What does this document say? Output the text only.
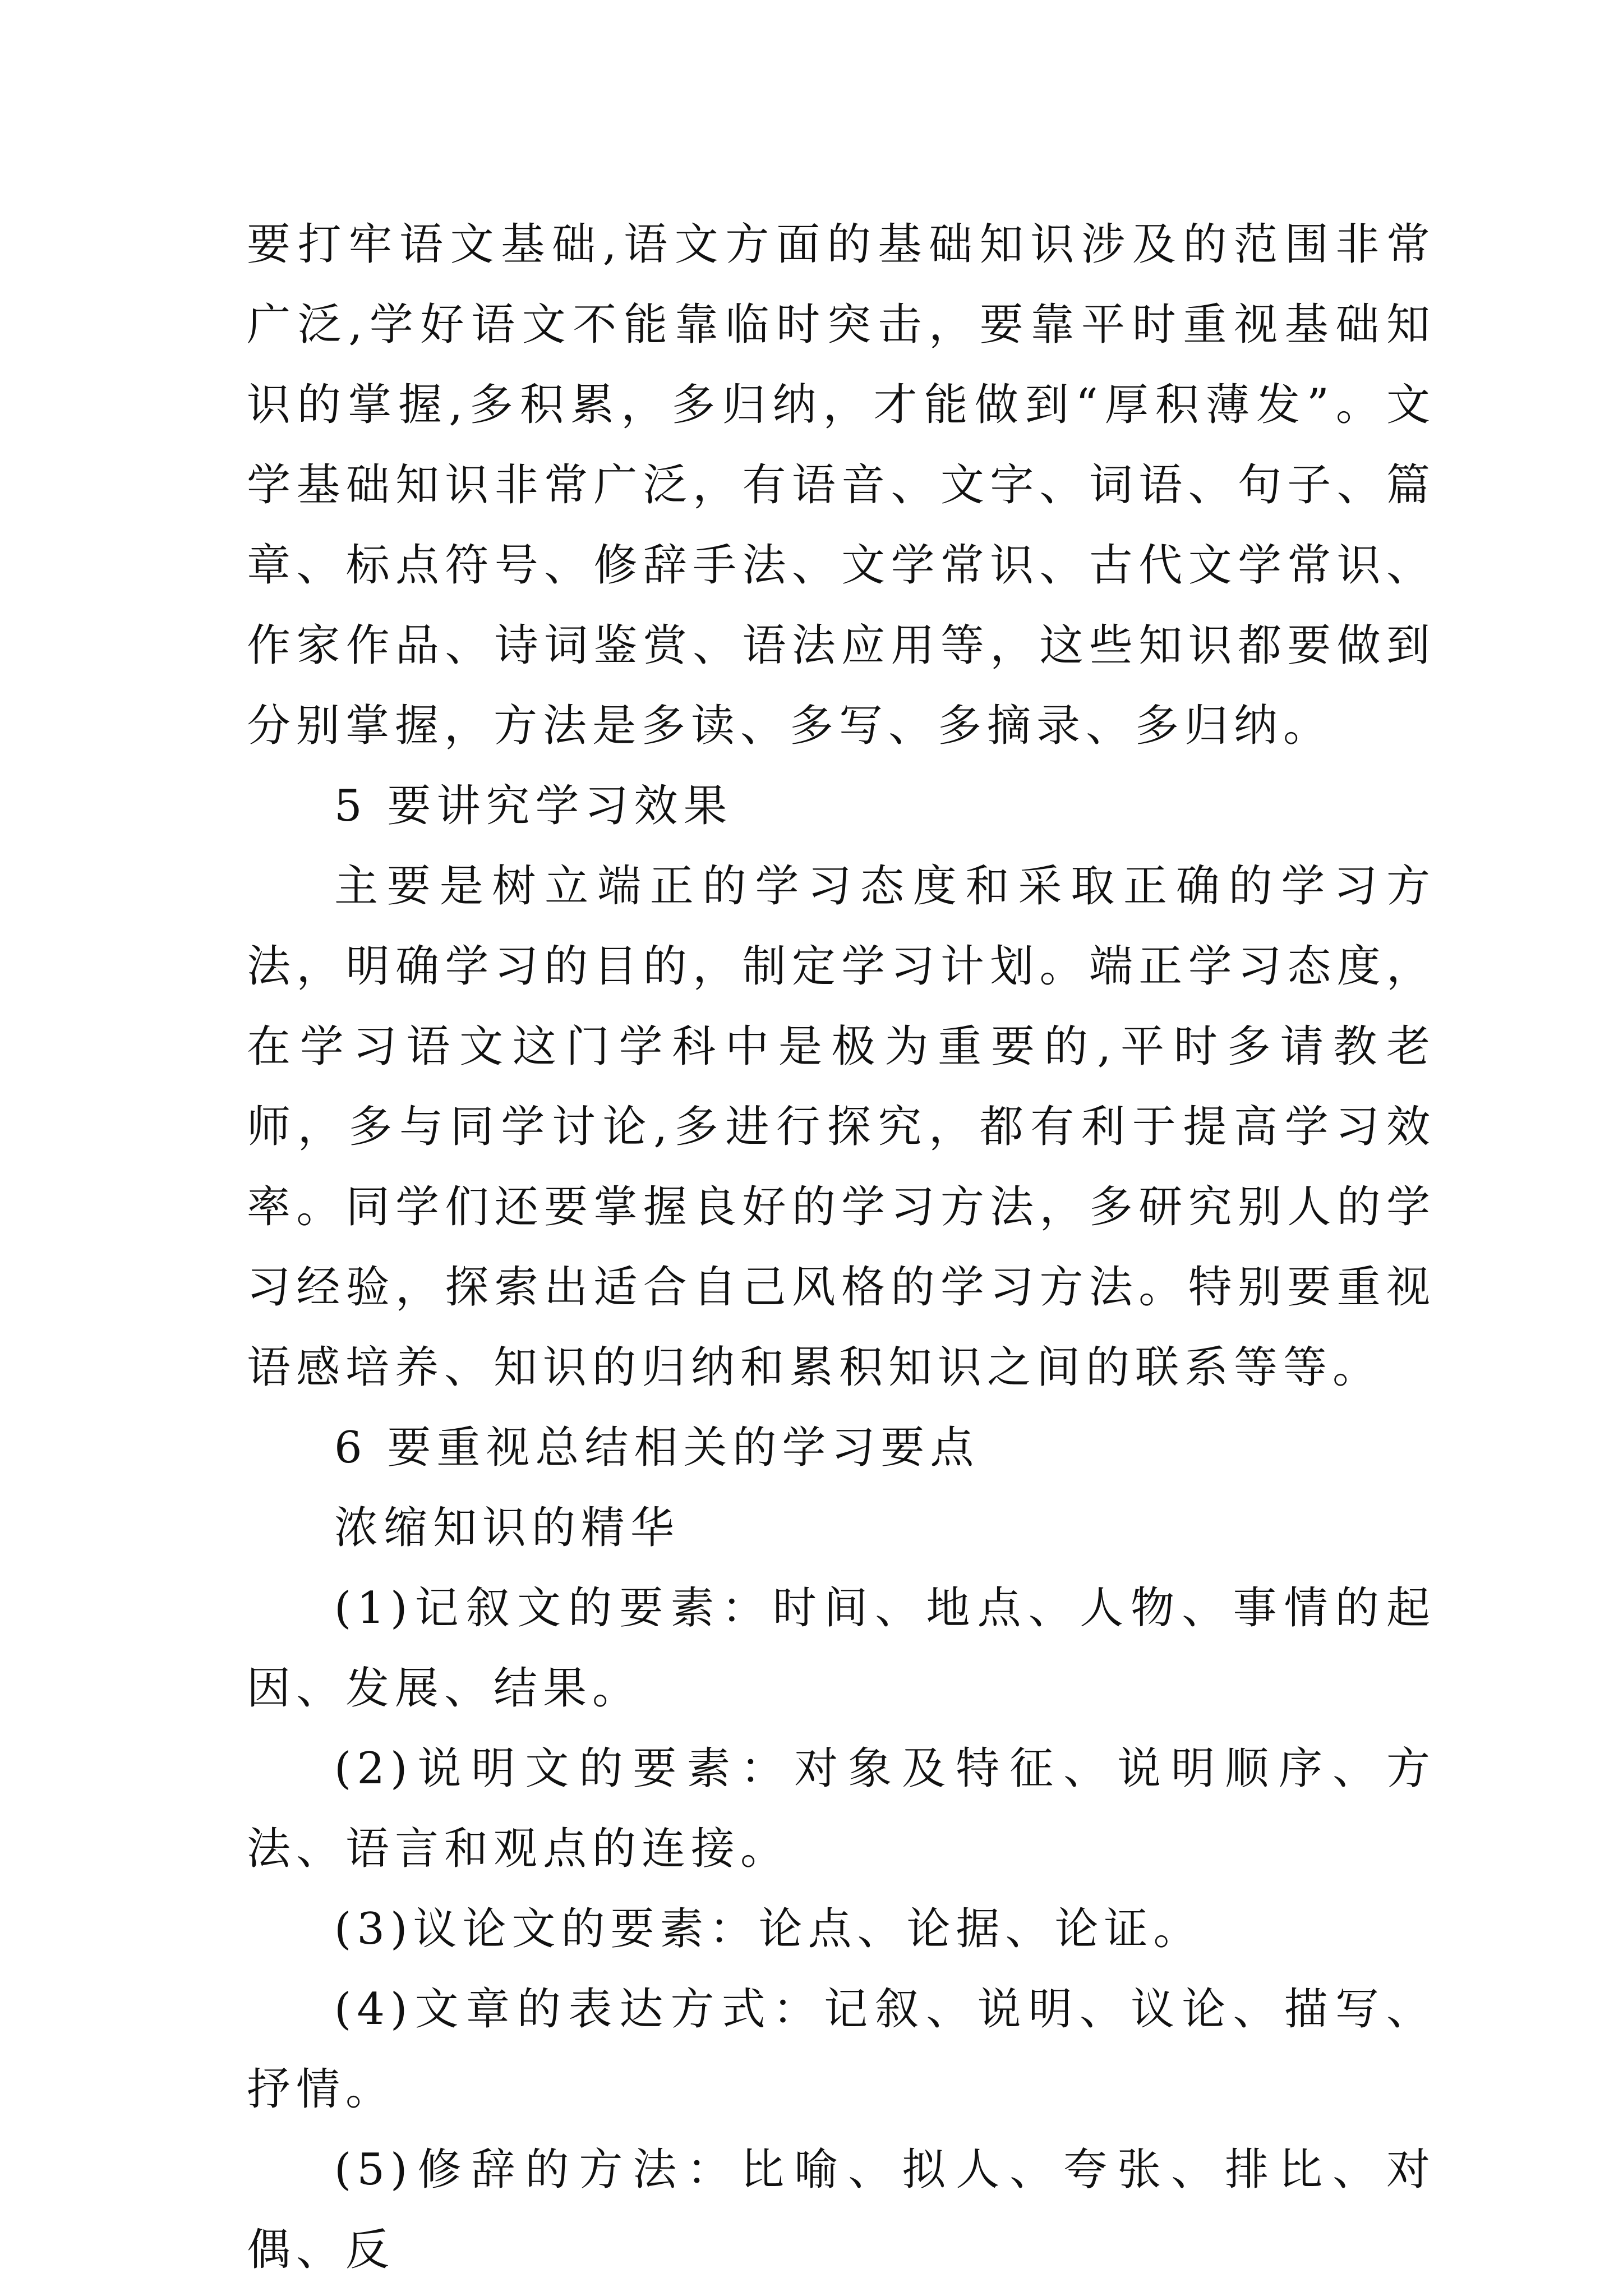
要打牢语文基础,语文方面的基础知识涉及的范围非常广泛,学好语文不能靠临时突击，要靠平时重视基础知识的掌握,多积累，多归纳，才能做到“厚积薄发”。文学基础知识非常广泛，有语音、文字、词语、句子、篇章、标点符号、修辞手法、文学常识、古代文学常识、作家作品、诗词鉴赏、语法应用等，这些知识都要做到分别掌握，方法是多读、多写、多摘录、多归纳。

5 要讲究学习效果

主要是树立端正的学习态度和采取正确的学习方法，明确学习的目的，制定学习计划。端正学习态度，在学习语文这门学科中是极为重要的,平时多请教老师，多与同学讨论,多进行探究，都有利于提高学习效率。同学们还要掌握良好的学习方法，多研究别人的学习经验，探索出适合自己风格的学习方法。特别要重视语感培养、知识的归纳和累积知识之间的联系等等。

6 要重视总结相关的学习要点

浓缩知识的精华

(1)记叙文的要素：时间、地点、人物、事情的起因、发展、结果。

(2)说明文的要素：对象及特征、说明顺序、方法、语言和观点的连接。

(3)议论文的要素：论点、论据、论证。

(4)文章的表达方式：记叙、说明、议论、描写、抒情。

(5)修辞的方法：比喻、拟人、夸张、排比、对偶、反
